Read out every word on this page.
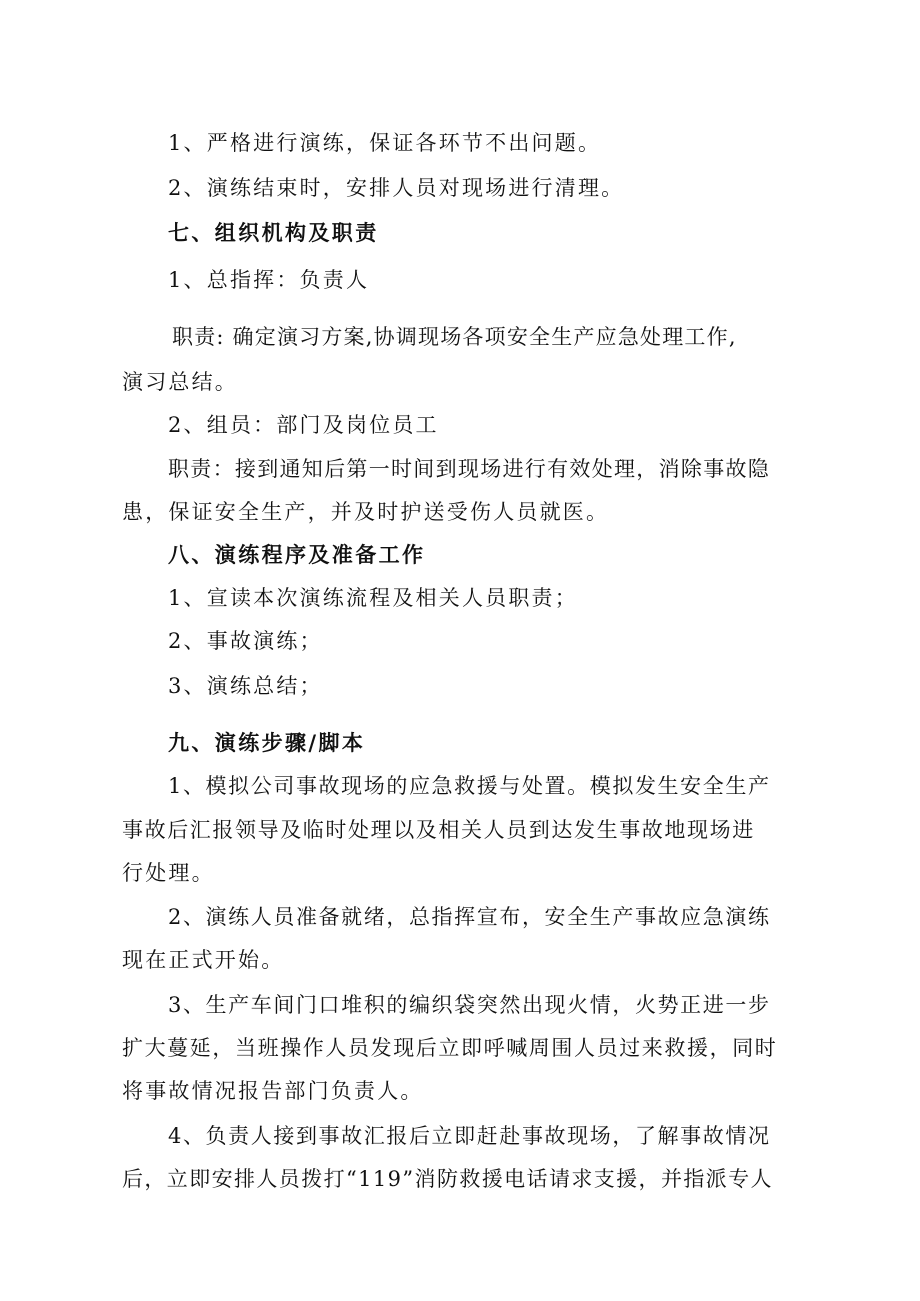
1、严格进行演练，保证各环节不出问题。
2、演练结束时，安排人员对现场进行清理。
七、组织机构及职责
1、总指挥：负责人
职责: 确定演习方案,协调现场各项安全生产应急处理工作,
演习总结。
2、组员：部门及岗位员工
职责：接到通知后第一时间到现场进行有效处理，消除事故隐
患，保证安全生产，并及时护送受伤人员就医。
八、演练程序及准备工作
1、宣读本次演练流程及相关人员职责；
2、事故演练；
3、演练总结；
九、演练步骤/脚本
1、模拟公司事故现场的应急救援与处置。模拟发生安全生产
事故后汇报领导及临时处理以及相关人员到达发生事故地现场进
行处理。
2、演练人员准备就绪，总指挥宣布，安全生产事故应急演练
现在正式开始。
3、生产车间门口堆积的编织袋突然出现火情，火势正进一步
扩大蔓延，当班操作人员发现后立即呼喊周围人员过来救援，同时
将事故情况报告部门负责人。
4、负责人接到事故汇报后立即赶赴事故现场，了解事故情况
后，立即安排人员拨打“119”消防救援电话请求支援，并指派专人
